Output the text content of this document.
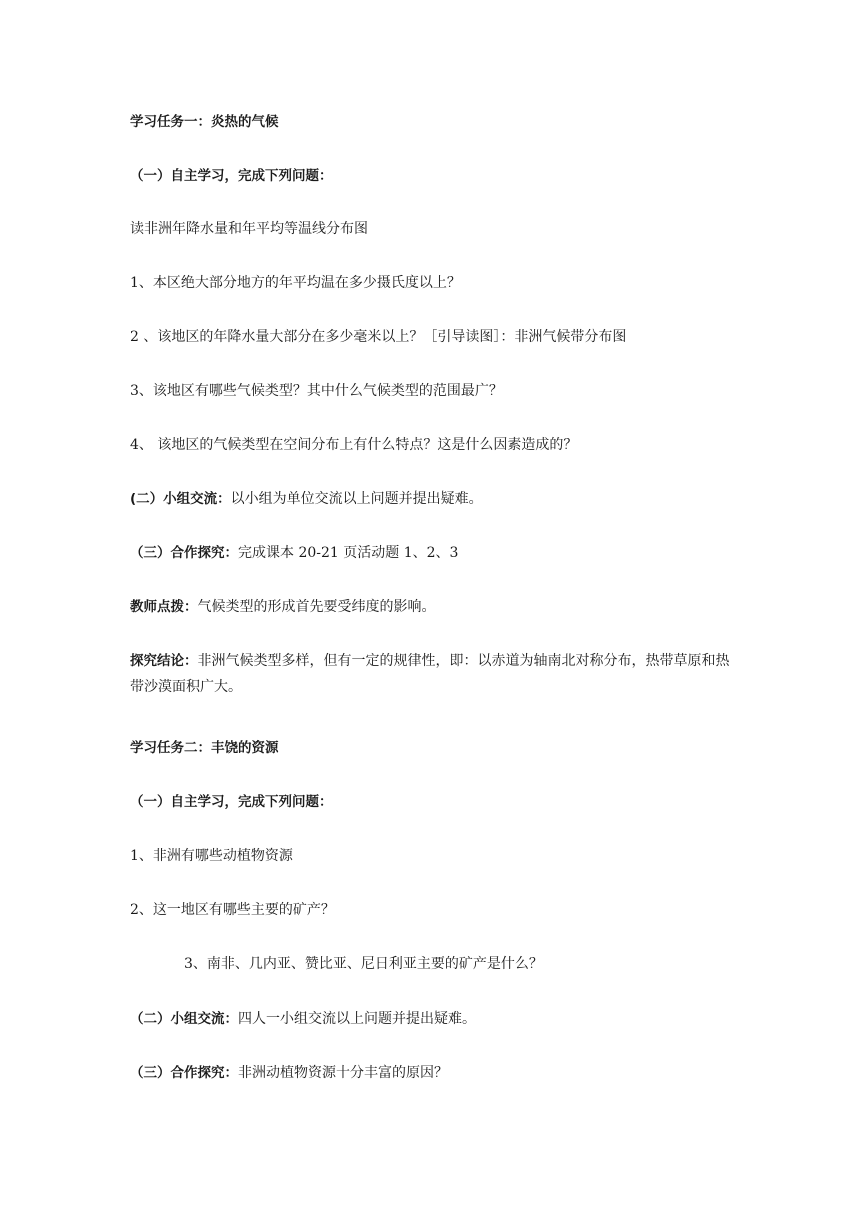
学习任务一：炎热的气候
（一）自主学习，完成下列问题：
读非洲年降水量和年平均等温线分布图
1、本区绝大部分地方的年平均温在多少摄氏度以上？
2 、该地区的年降水量大部分在多少毫米以上？［引导读图］：非洲气候带分布图
3、该地区有哪些气候类型？其中什么气候类型的范围最广？
4、 该地区的气候类型在空间分布上有什么特点？这是什么因素造成的？
(二）小组交流：以小组为单位交流以上问题并提出疑难。
（三）合作探究：完成课本 20-21 页活动题 1、2、3
教师点拨：气候类型的形成首先要受纬度的影响。
探究结论：非洲气候类型多样，但有一定的规律性，即：以赤道为轴南北对称分布，热带草原和热带沙漠面积广大。
学习任务二：丰饶的资源
（一）自主学习，完成下列问题：
1、非洲有哪些动植物资源
2、这一地区有哪些主要的矿产？
3、南非、几内亚、赞比亚、尼日利亚主要的矿产是什么？
（二）小组交流：四人一小组交流以上问题并提出疑难。
（三）合作探究：非洲动植物资源十分丰富的原因？
